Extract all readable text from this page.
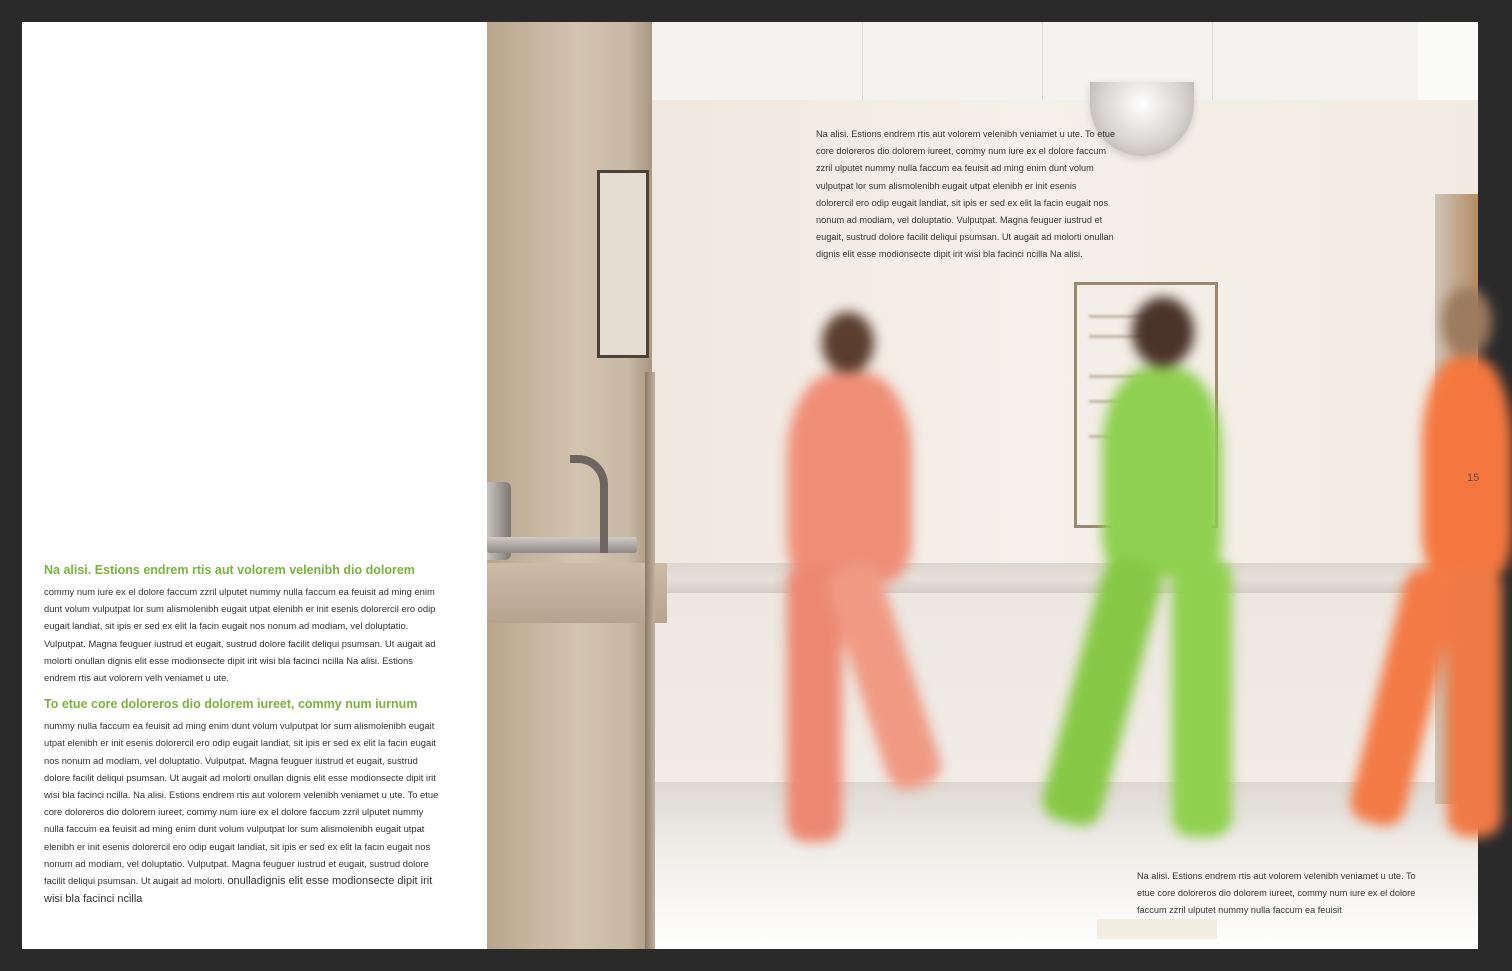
Na alisi. Estions endrem rtis aut volorem velenibh dio dolorem

commy num iure ex el dolore faccum zzril ulputet nummy nulla faccum ea feuisit ad ming enim dunt volum vulputpat lor sum alismolenibh eugait utpat elenibh er init esenis dolorercil ero odip eugait landiat, sit ipis er sed ex elit la facin eugait nos nonum ad modiam, vel doluptatio. Vulputpat. Magna feuguer iustrud et eugait, sustrud dolore facilit deliqui psumsan. Ut augait ad molorti onullan dignis elit esse modionsecte dipit irit wisi bla facinci ncilla Na alisi. Estions endrem rtis aut volorem velh veniamet u ute.

To etue core doloreros dio dolorem iureet, commy num iurnum

nummy nulla faccum ea feuisit ad ming enim dunt volum vulputpat lor sum alismolenibh eugait utpat elenibh er init esenis dolorercil ero odip eugait landiat, sit ipis er sed ex elit la facin eugait nos nonum ad modiam, vel doluptatio. Vulputpat. Magna feuguer iustrud et eugait, sustrud dolore facilit deliqui psumsan. Ut augait ad molorti onullan dignis elit esse modionsecte dipit irit wisi bla facinci ncilla. Na alisi. Estions endrem rtis aut volorem velenibh veniamet u ute. To etue core doloreros dio dolorem iureet, commy num iure ex el dolore faccum zzril ulputet nummy nulla faccum ea feuisit ad ming enim dunt volum vulputpat lor sum alismolenibh eugait utpat elenibh er init esenis dolorercil ero odip eugait landiat, sit ipis er sed ex elit la facin eugait nos nonum ad modiam, vel doluptatio. Vulputpat. Magna feuguer iustrud et eugait, sustrud dolore facilit deliqui psumsan. Ut augait ad molorti. onulladignis elit esse modionsecte dipit irit wisi bla facinci ncilla

Na alisi. Estions endrem rtis aut volorem velenibh veniamet u ute. To etue core doloreros dio dolorem iureet, commy num iure ex el dolore faccum zzril ulputet nummy nulla faccum ea feuisit ad ming enim dunt volum vulputpat lor sum alismolenibh eugait utpat elenibh er init esenis dolorercil ero odip eugait landiat, sit ipis er sed ex elit la facin eugait nos nonum ad modiam, vel doluptatio. Vulputpat. Magna feuguer iustrud et eugait, sustrud dolore facilit deliqui psumsan. Ut augait ad molorti onullan dignis elit esse modionsecte dipit irit wisi bla facinci ncilla Na alisi.

Na alisi. Estions endrem rtis aut volorem velenibh veniamet u ute. To etue core doloreros dio dolorem iureet, commy num iure ex el dolore faccum zzril ulputet nummy nulla faccum ea feuisit

15
